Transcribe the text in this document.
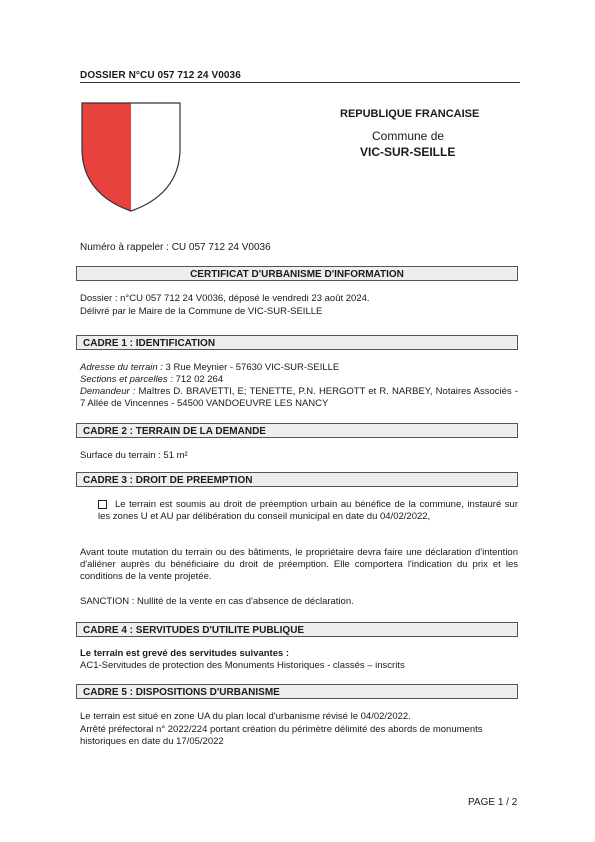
DOSSIER N°CU 057 712 24 V0036
REPUBLIQUE FRANCAISE
Commune de
VIC-SUR-SEILLE
Numéro à rappeler : CU 057 712 24 V0036
CERTIFICAT D'URBANISME D'INFORMATION
Dossier : n°CU 057 712 24 V0036, déposé le vendredi 23 août 2024.
Délivré par le Maire de la Commune de VIC-SUR-SEILLE
CADRE 1 : IDENTIFICATION
Adresse du terrain : 3 Rue Meynier - 57630 VIC-SUR-SEILLE
Sections et parcelles : 712 02 264
Demandeur : Maîtres D. BRAVETTI, E; TENETTE, P.N. HERGOTT et R. NARBEY, Notaires Associés - 7 Allée de Vincennes - 54500 VANDOEUVRE LES NANCY
CADRE 2 : TERRAIN DE LA DEMANDE
Surface du terrain : 51 m²
CADRE 3 : DROIT DE PREEMPTION
Le terrain est soumis au droit de préemption urbain au bénéfice de la commune, instauré sur les zones U et AU par délibération du conseil municipal en date du 04/02/2022,
Avant toute mutation du terrain ou des bâtiments, le propriétaire devra faire une déclaration d'intention d'aliéner auprès du bénéficiaire du droit de préemption. Elle comportera l'indication du prix et les conditions de la vente projetée.
SANCTION : Nullité de la vente en cas d'absence de déclaration.
CADRE 4 : SERVITUDES D'UTILITE PUBLIQUE
Le terrain est grevé des servitudes suivantes :
AC1-Servitudes de protection des Monuments Historiques - classés – inscrits
CADRE 5 : DISPOSITIONS D'URBANISME
Le terrain est situé en zone UA du plan local d'urbanisme révisé le 04/02/2022.
Arrêté préfectoral n° 2022/224 portant création du périmètre délimité des abords de monuments historiques en date du 17/05/2022
PAGE 1 / 2
